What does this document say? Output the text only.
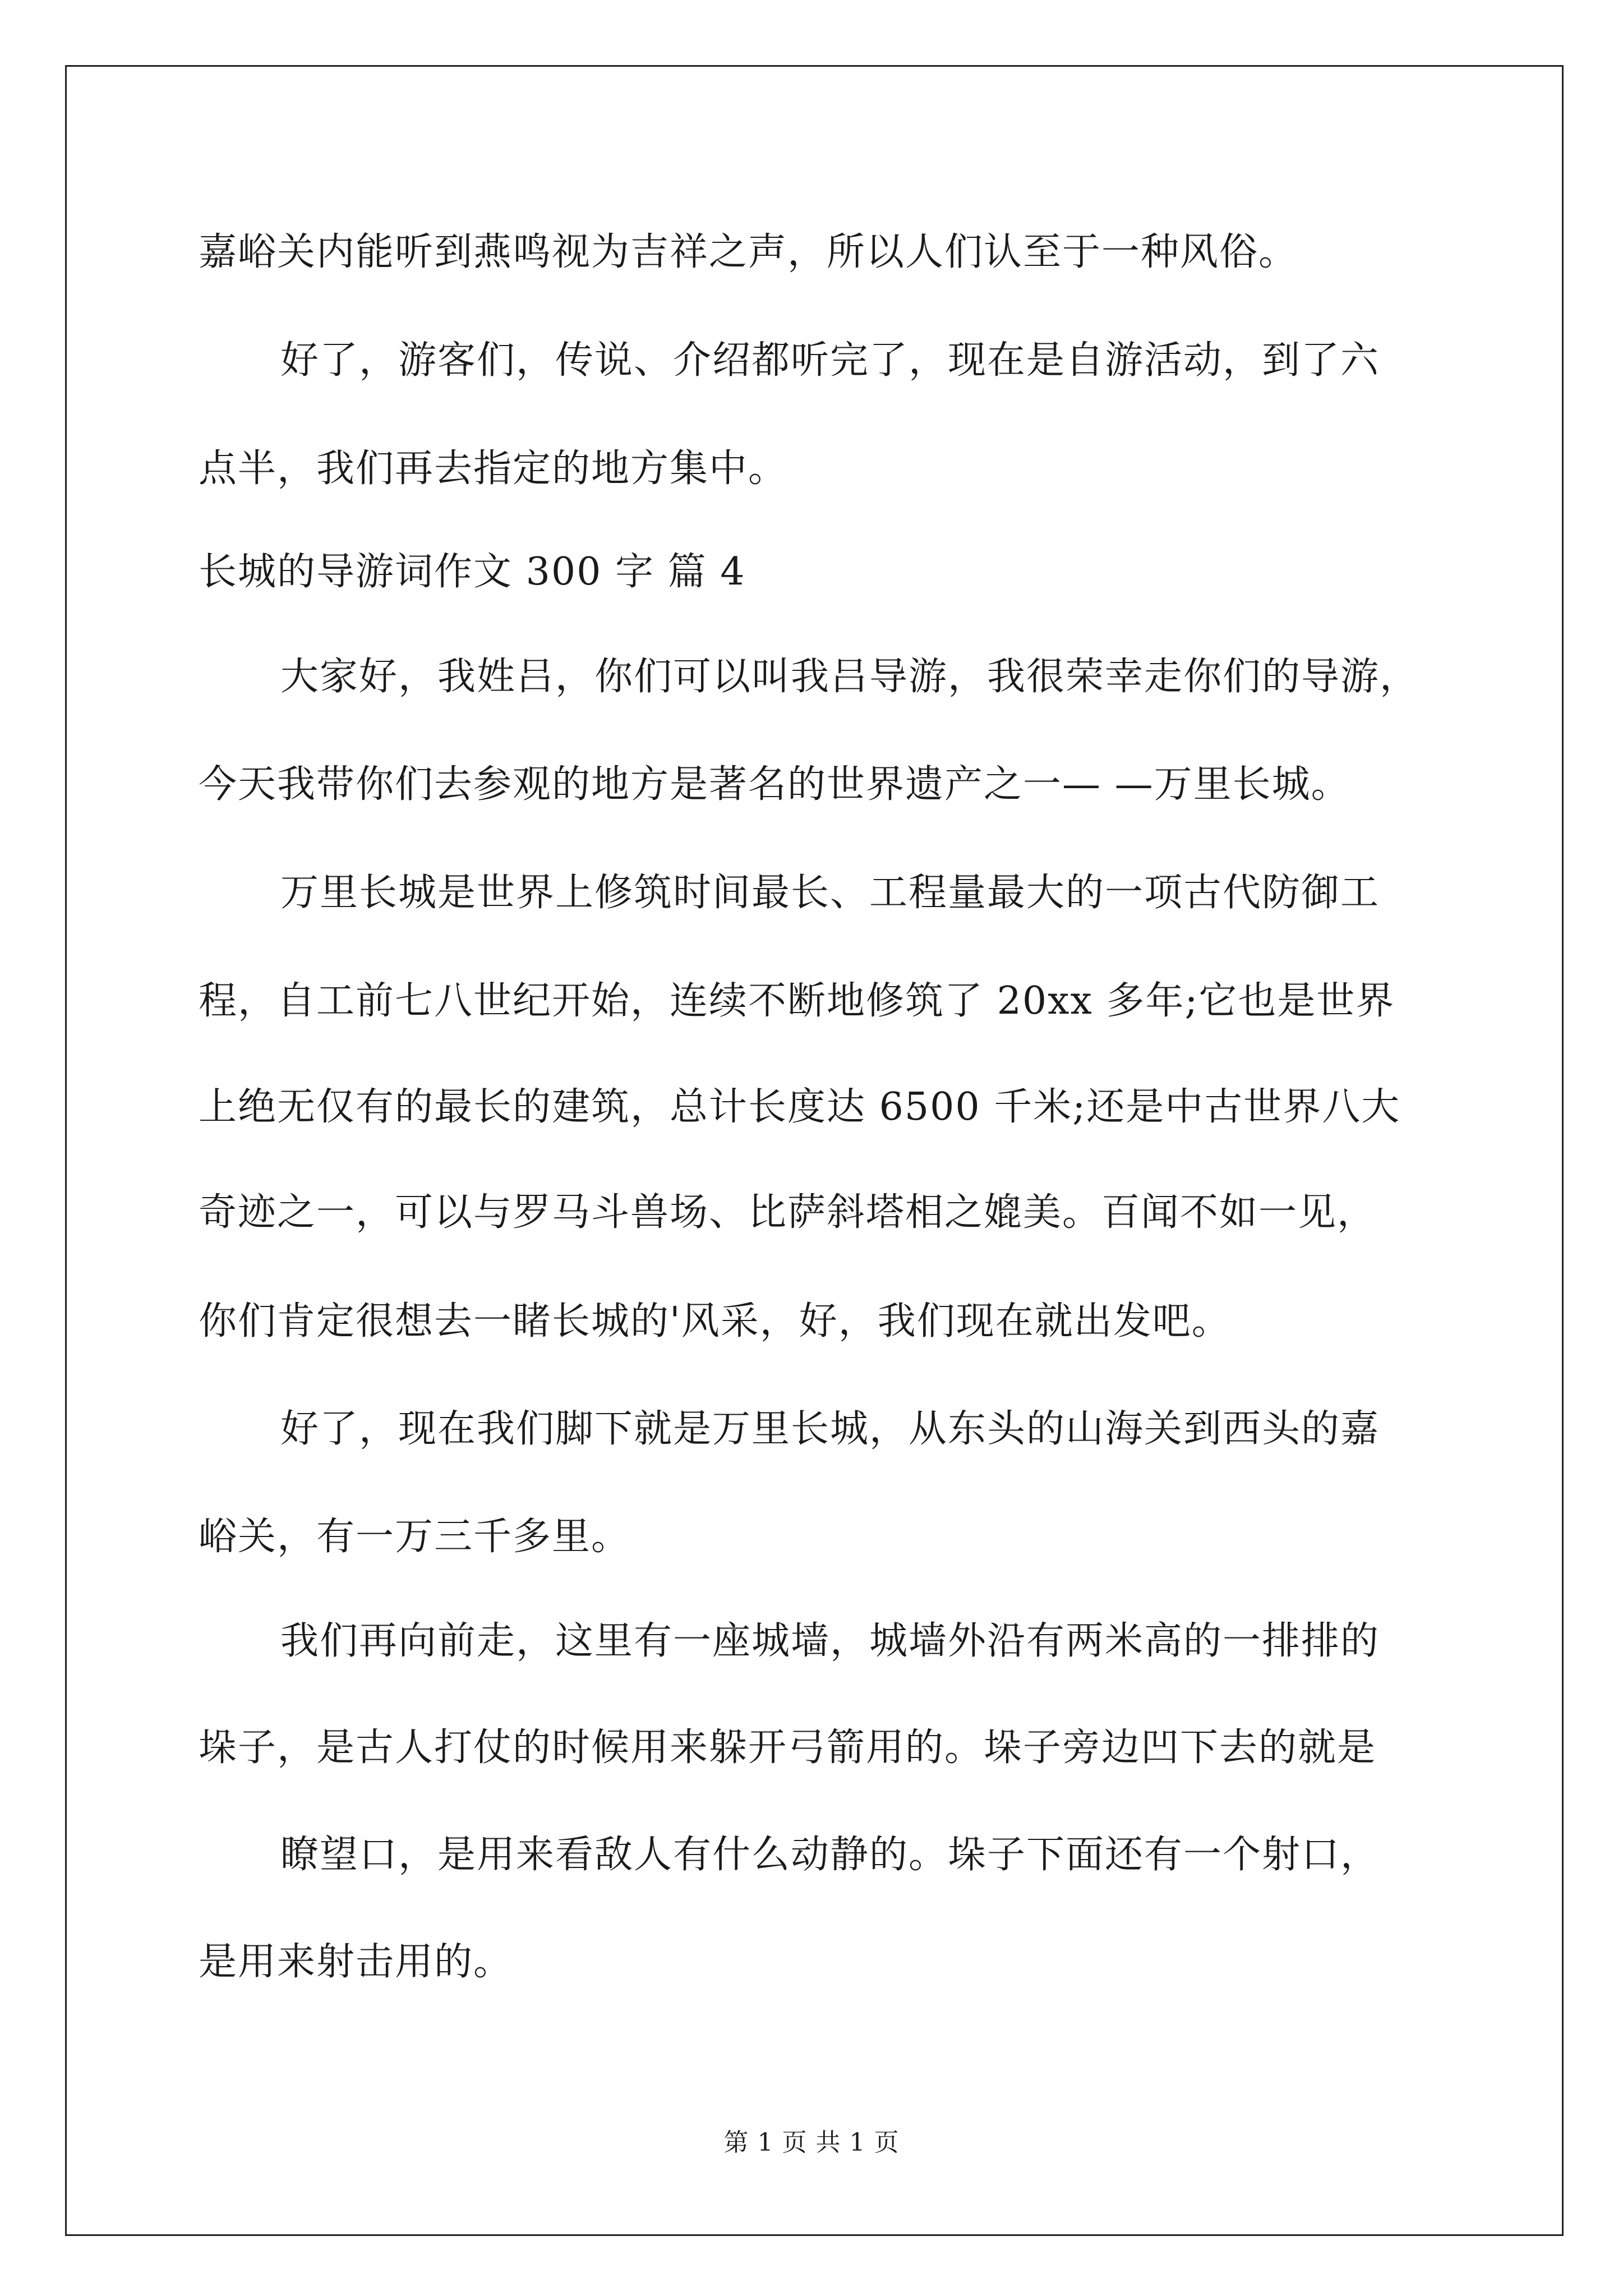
嘉峪关内能听到燕鸣视为吉祥之声，所以人们认至于一种风俗。
好了，游客们，传说、介绍都听完了，现在是自游活动，到了六
点半，我们再去指定的地方集中。
长城的导游词作文 300 字 篇 4
大家好，我姓吕，你们可以叫我吕导游，我很荣幸走你们的导游，
今天我带你们去参观的地方是著名的世界遗产之一— —万里长城。
万里长城是世界上修筑时间最长、工程量最大的一项古代防御工
程，自工前七八世纪开始，连续不断地修筑了 20xx 多年;它也是世界
上绝无仅有的最长的建筑，总计长度达 6500 千米;还是中古世界八大
奇迹之一，可以与罗马斗兽场、比萨斜塔相之媲美。百闻不如一见，
你们肯定很想去一睹长城的'风采，好，我们现在就出发吧。
好了，现在我们脚下就是万里长城，从东头的山海关到西头的嘉
峪关，有一万三千多里。
我们再向前走，这里有一座城墙，城墙外沿有两米高的一排排的
垛子，是古人打仗的时候用来躲开弓箭用的。垛子旁边凹下去的就是
瞭望口，是用来看敌人有什么动静的。垛子下面还有一个射口，
是用来射击用的。
第 1 页 共 1 页
